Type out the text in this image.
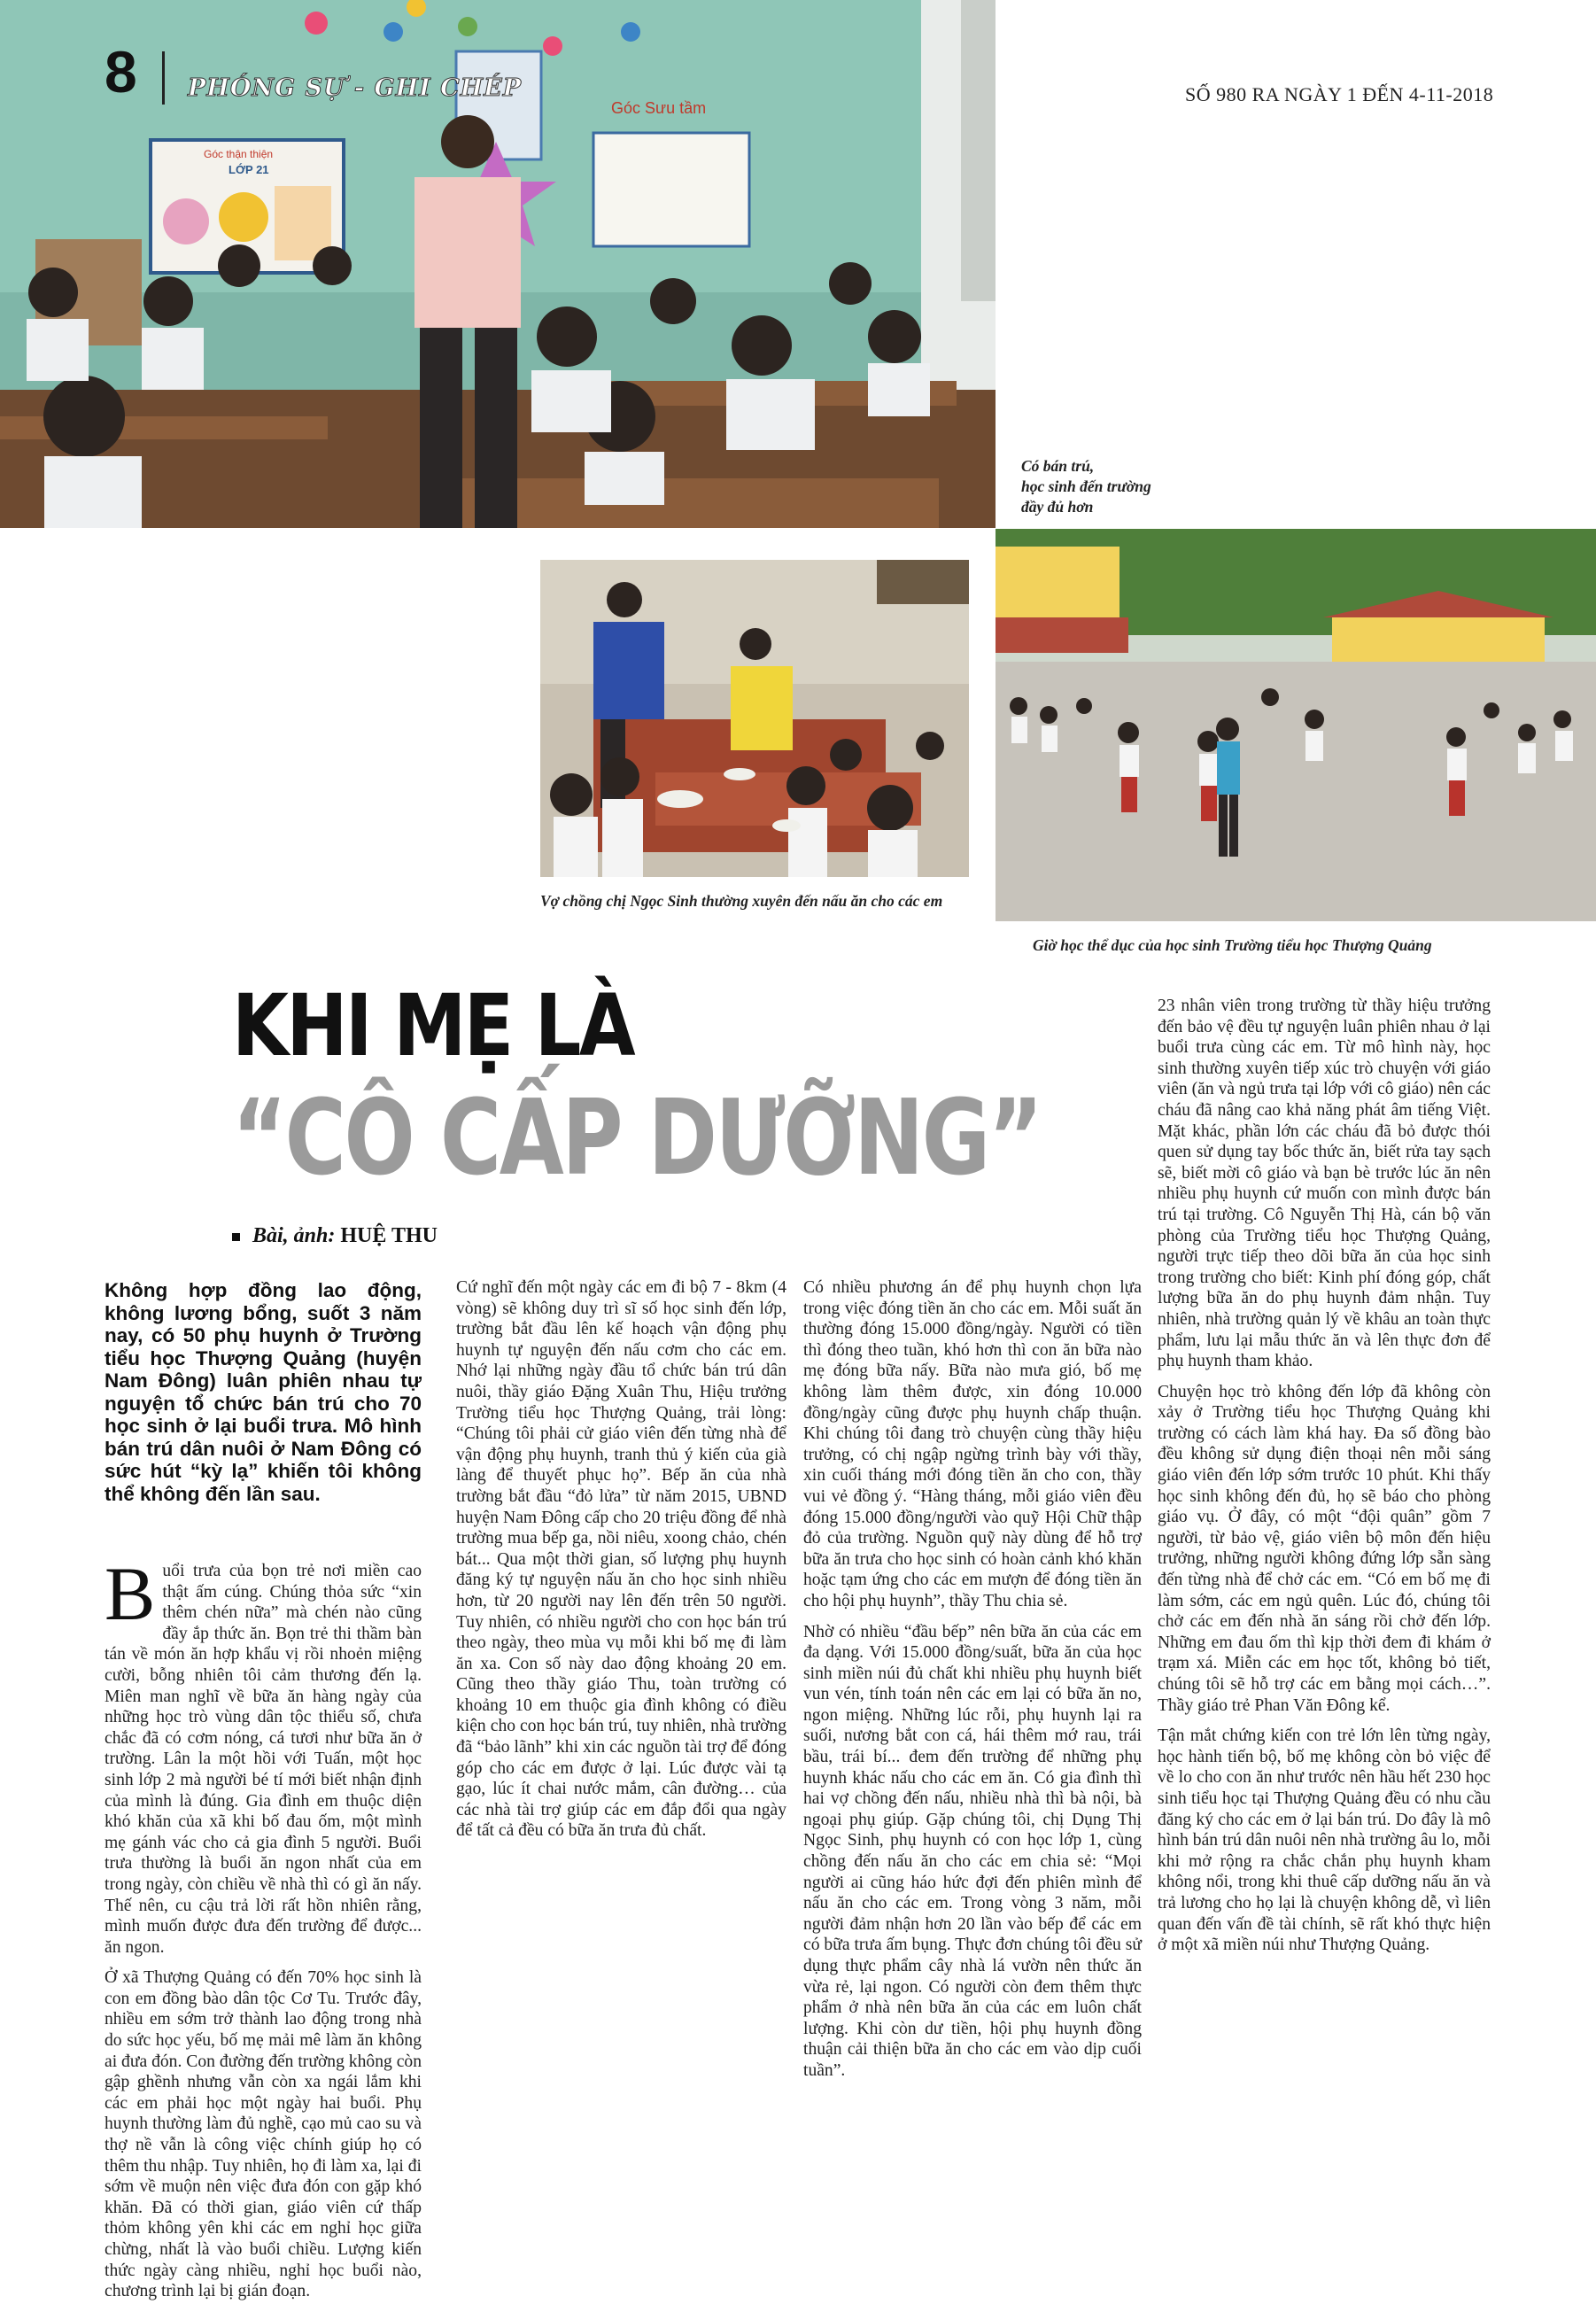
8 PHÓNG SỰ - GHI CHÉP	SỐ 980 RA NGÀY 1 ĐẾN 4-11-2018
Góc thận thiện
LỚP 21
Góc Sưu tầm
Có bán trú,
học sinh đến trường
đầy đủ hơn
Vợ chồng chị Ngọc Sinh thường xuyên đến nấu ăn cho các em
Giờ học thể dục của học sinh Trường tiểu học Thượng Quảng
KHI MẸ LÀ
“CÔ CẤP DƯỠNG”
Bài, ảnh: HUỆ THU
Không hợp đồng lao động, không lương bổng, suốt 3 năm nay, có 50 phụ huynh ở Trường tiểu học Thượng Quảng (huyện Nam Đông) luân phiên nhau tự nguyện tổ chức bán trú cho 70 học sinh ở lại buổi trưa. Mô hình bán trú dân nuôi ở Nam Đông có sức hút “kỳ lạ” khiến tôi không thể không đến lần sau.

Buổi trưa của bọn trẻ nơi miền cao thật ấm cúng. Chúng thỏa sức “xin thêm chén nữa” mà chén nào cũng đầy ắp thức ăn. Bọn trẻ thi thầm bàn tán về món ăn hợp khẩu vị rồi nhoẻn miệng cười, bỗng nhiên tôi cảm thương đến lạ. Miên man nghĩ về bữa ăn hàng ngày của những học trò vùng dân tộc thiểu số, chưa chắc đã có cơm nóng, cá tươi như bữa ăn ở trường. Lân la một hồi với Tuấn, một học sinh lớp 2 mà người bé tí mới biết nhận định của mình là đúng. Gia đình em thuộc diện khó khăn của xã khi bố đau ốm, một mình mẹ gánh vác cho cả gia đình 5 người. Buổi trưa thường là buổi ăn ngon nhất của em trong ngày, còn chiều về nhà thì có gì ăn nấy. Thế nên, cu cậu trả lời rất hồn nhiên rằng, mình muốn được đưa đến trường để được... ăn ngon.

Ở xã Thượng Quảng có đến 70% học sinh là con em đồng bào dân tộc Cơ Tu. Trước đây, nhiều em sớm trở thành lao động trong nhà do sức học yếu, bố mẹ mải mê làm ăn không ai đưa đón. Con đường đến trường không còn gập ghềnh nhưng vẫn còn xa ngái lắm khi các em phải học một ngày hai buổi. Phụ huynh thường làm đủ nghề, cạo mủ cao su và thợ nề vẫn là công việc chính giúp họ có thêm thu nhập. Tuy nhiên, họ đi làm xa, lại đi sớm về muộn nên việc đưa đón con gặp khó khăn. Đã có thời gian, giáo viên cứ thấp thỏm không yên khi các em nghỉ học giữa chừng, nhất là vào buổi chiều. Lượng kiến thức ngày càng nhiều, nghỉ học buổi nào, chương trình lại bị gián đoạn.

Cứ nghĩ đến một ngày các em đi bộ 7 - 8km (4 vòng) sẽ không duy trì sĩ số học sinh đến lớp, trường bắt đầu lên kế hoạch vận động phụ huynh tự nguyện đến nấu cơm cho các em. Nhớ lại những ngày đầu tổ chức bán trú dân nuôi, thầy giáo Đặng Xuân Thu, Hiệu trưởng Trường tiểu học Thượng Quảng, trải lòng: “Chúng tôi phải cử giáo viên đến từng nhà để vận động phụ huynh, tranh thủ ý kiến của già làng để thuyết phục họ”. Bếp ăn của nhà trường bắt đầu “đỏ lửa” từ năm 2015, UBND huyện Nam Đông cấp cho 20 triệu đồng để nhà trường mua bếp ga, nồi niêu, xoong chảo, chén bát... Qua một thời gian, số lượng phụ huynh đăng ký tự nguyện nấu ăn cho học sinh nhiều hơn, từ 20 người nay lên đến trên 50 người. Tuy nhiên, có nhiều người cho con học bán trú theo ngày, theo mùa vụ mỗi khi bố mẹ đi làm ăn xa. Con số này dao động khoảng 20 em. Cũng theo thầy giáo Thu, toàn trường có khoảng 10 em thuộc gia đình không có điều kiện cho con học bán trú, tuy nhiên, nhà trường đã “bảo lãnh” khi xin các nguồn tài trợ để đóng góp cho các em được ở lại. Lúc được vài tạ gạo, lúc ít chai nước mắm, cân đường… của các nhà tài trợ giúp các em đắp đổi qua ngày để tất cả đều có bữa ăn trưa đủ chất.

Có nhiều phương án để phụ huynh chọn lựa trong việc đóng tiền ăn cho các em. Mỗi suất ăn thường đóng 15.000 đồng/ngày. Người có tiền thì đóng theo tuần, khó hơn thì con ăn bữa nào mẹ đóng bữa nấy. Bữa nào mưa gió, bố mẹ không làm thêm được, xin đóng 10.000 đồng/ngày cũng được phụ huynh chấp thuận. Khi chúng tôi đang trò chuyện cùng thầy hiệu trưởng, có chị ngập ngừng trình bày với thầy, xin cuối tháng mới đóng tiền ăn cho con, thầy vui vẻ đồng ý. “Hàng tháng, mỗi giáo viên đều đóng 15.000 đồng/người vào quỹ Hội Chữ thập đỏ của trường. Nguồn quỹ này dùng để hỗ trợ bữa ăn trưa cho học sinh có hoàn cảnh khó khăn hoặc tạm ứng cho các em mượn để đóng tiền ăn cho hội phụ huynh”, thầy Thu chia sẻ.

Nhờ có nhiều “đầu bếp” nên bữa ăn của các em đa dạng. Với 15.000 đồng/suất, bữa ăn của học sinh miền núi đủ chất khi nhiều phụ huynh biết vun vén, tính toán nên các em lại có bữa ăn no, ngon miệng. Những lúc rỗi, phụ huynh lại ra suối, nương bắt con cá, hái thêm mớ rau, trái bầu, trái bí... đem đến trường để những phụ huynh khác nấu cho các em ăn. Có gia đình thì hai vợ chồng đến nấu, nhiều nhà thì bà nội, bà ngoại phụ giúp. Gặp chúng tôi, chị Dụng Thị Ngọc Sinh, phụ huynh có con học lớp 1, cùng chồng đến nấu ăn cho các em chia sẻ: “Mọi người ai cũng háo hức đợi đến phiên mình để nấu ăn cho các em. Trong vòng 3 năm, mỗi người đảm nhận hơn 20 lần vào bếp để các em có bữa trưa ấm bụng. Thực đơn chúng tôi đều sử dụng thực phẩm cây nhà lá vườn nên thức ăn vừa rẻ, lại ngon. Có người còn đem thêm thực phẩm ở nhà nên bữa ăn của các em luôn chất lượng. Khi còn dư tiền, hội phụ huynh đồng thuận cải thiện bữa ăn cho các em vào dịp cuối tuần”.

23 nhân viên trong trường từ thầy hiệu trưởng đến bảo vệ đều tự nguyện luân phiên nhau ở lại buổi trưa cùng các em. Từ mô hình này, học sinh thường xuyên tiếp xúc trò chuyện với giáo viên (ăn và ngủ trưa tại lớp với cô giáo) nên các cháu đã nâng cao khả năng phát âm tiếng Việt. Mặt khác, phần lớn các cháu đã bỏ được thói quen sử dụng tay bốc thức ăn, biết rửa tay sạch sẽ, biết mời cô giáo và bạn bè trước lúc ăn nên nhiều phụ huynh cứ muốn con mình được bán trú tại trường. Cô Nguyễn Thị Hà, cán bộ văn phòng của Trường tiểu học Thượng Quảng, người trực tiếp theo dõi bữa ăn của học sinh trong trường cho biết: Kinh phí đóng góp, chất lượng bữa ăn do phụ huynh đảm nhận. Tuy nhiên, nhà trường quản lý về khâu an toàn thực phẩm, lưu lại mẫu thức ăn và lên thực đơn để phụ huynh tham khảo.

Chuyện học trò không đến lớp đã không còn xảy ở Trường tiểu học Thượng Quảng khi trường có cách làm khá hay. Đa số đồng bào đều không sử dụng điện thoại nên mỗi sáng giáo viên đến lớp sớm trước 10 phút. Khi thấy học sinh không đến đủ, họ sẽ báo cho phòng giáo vụ. Ở đây, có một “đội quân” gồm 7 người, từ bảo vệ, giáo viên bộ môn đến hiệu trưởng, những người không đứng lớp sẵn sàng đến từng nhà để chở các em. “Có em bố mẹ đi làm sớm, các em ngủ quên. Lúc đó, chúng tôi chở các em đến nhà ăn sáng rồi chở đến lớp. Những em đau ốm thì kịp thời đem đi khám ở trạm xá. Miễn các em học tốt, không bỏ tiết, chúng tôi sẽ hỗ trợ các em bằng mọi cách…”. Thầy giáo trẻ Phan Văn Đông kể.

Tận mắt chứng kiến con trẻ lớn lên từng ngày, học hành tiến bộ, bố mẹ không còn bỏ việc để về lo cho con ăn như trước nên hầu hết 230 học sinh tiểu học tại Thượng Quảng đều có nhu cầu đăng ký cho các em ở lại bán trú. Do đây là mô hình bán trú dân nuôi nên nhà trường âu lo, mỗi khi mở rộng ra chắc chắn phụ huynh kham không nổi, trong khi thuê cấp dưỡng nấu ăn và trả lương cho họ lại là chuyện không dễ, vì liên quan đến vấn đề tài chính, sẽ rất khó thực hiện ở một xã miền núi như Thượng Quảng.
